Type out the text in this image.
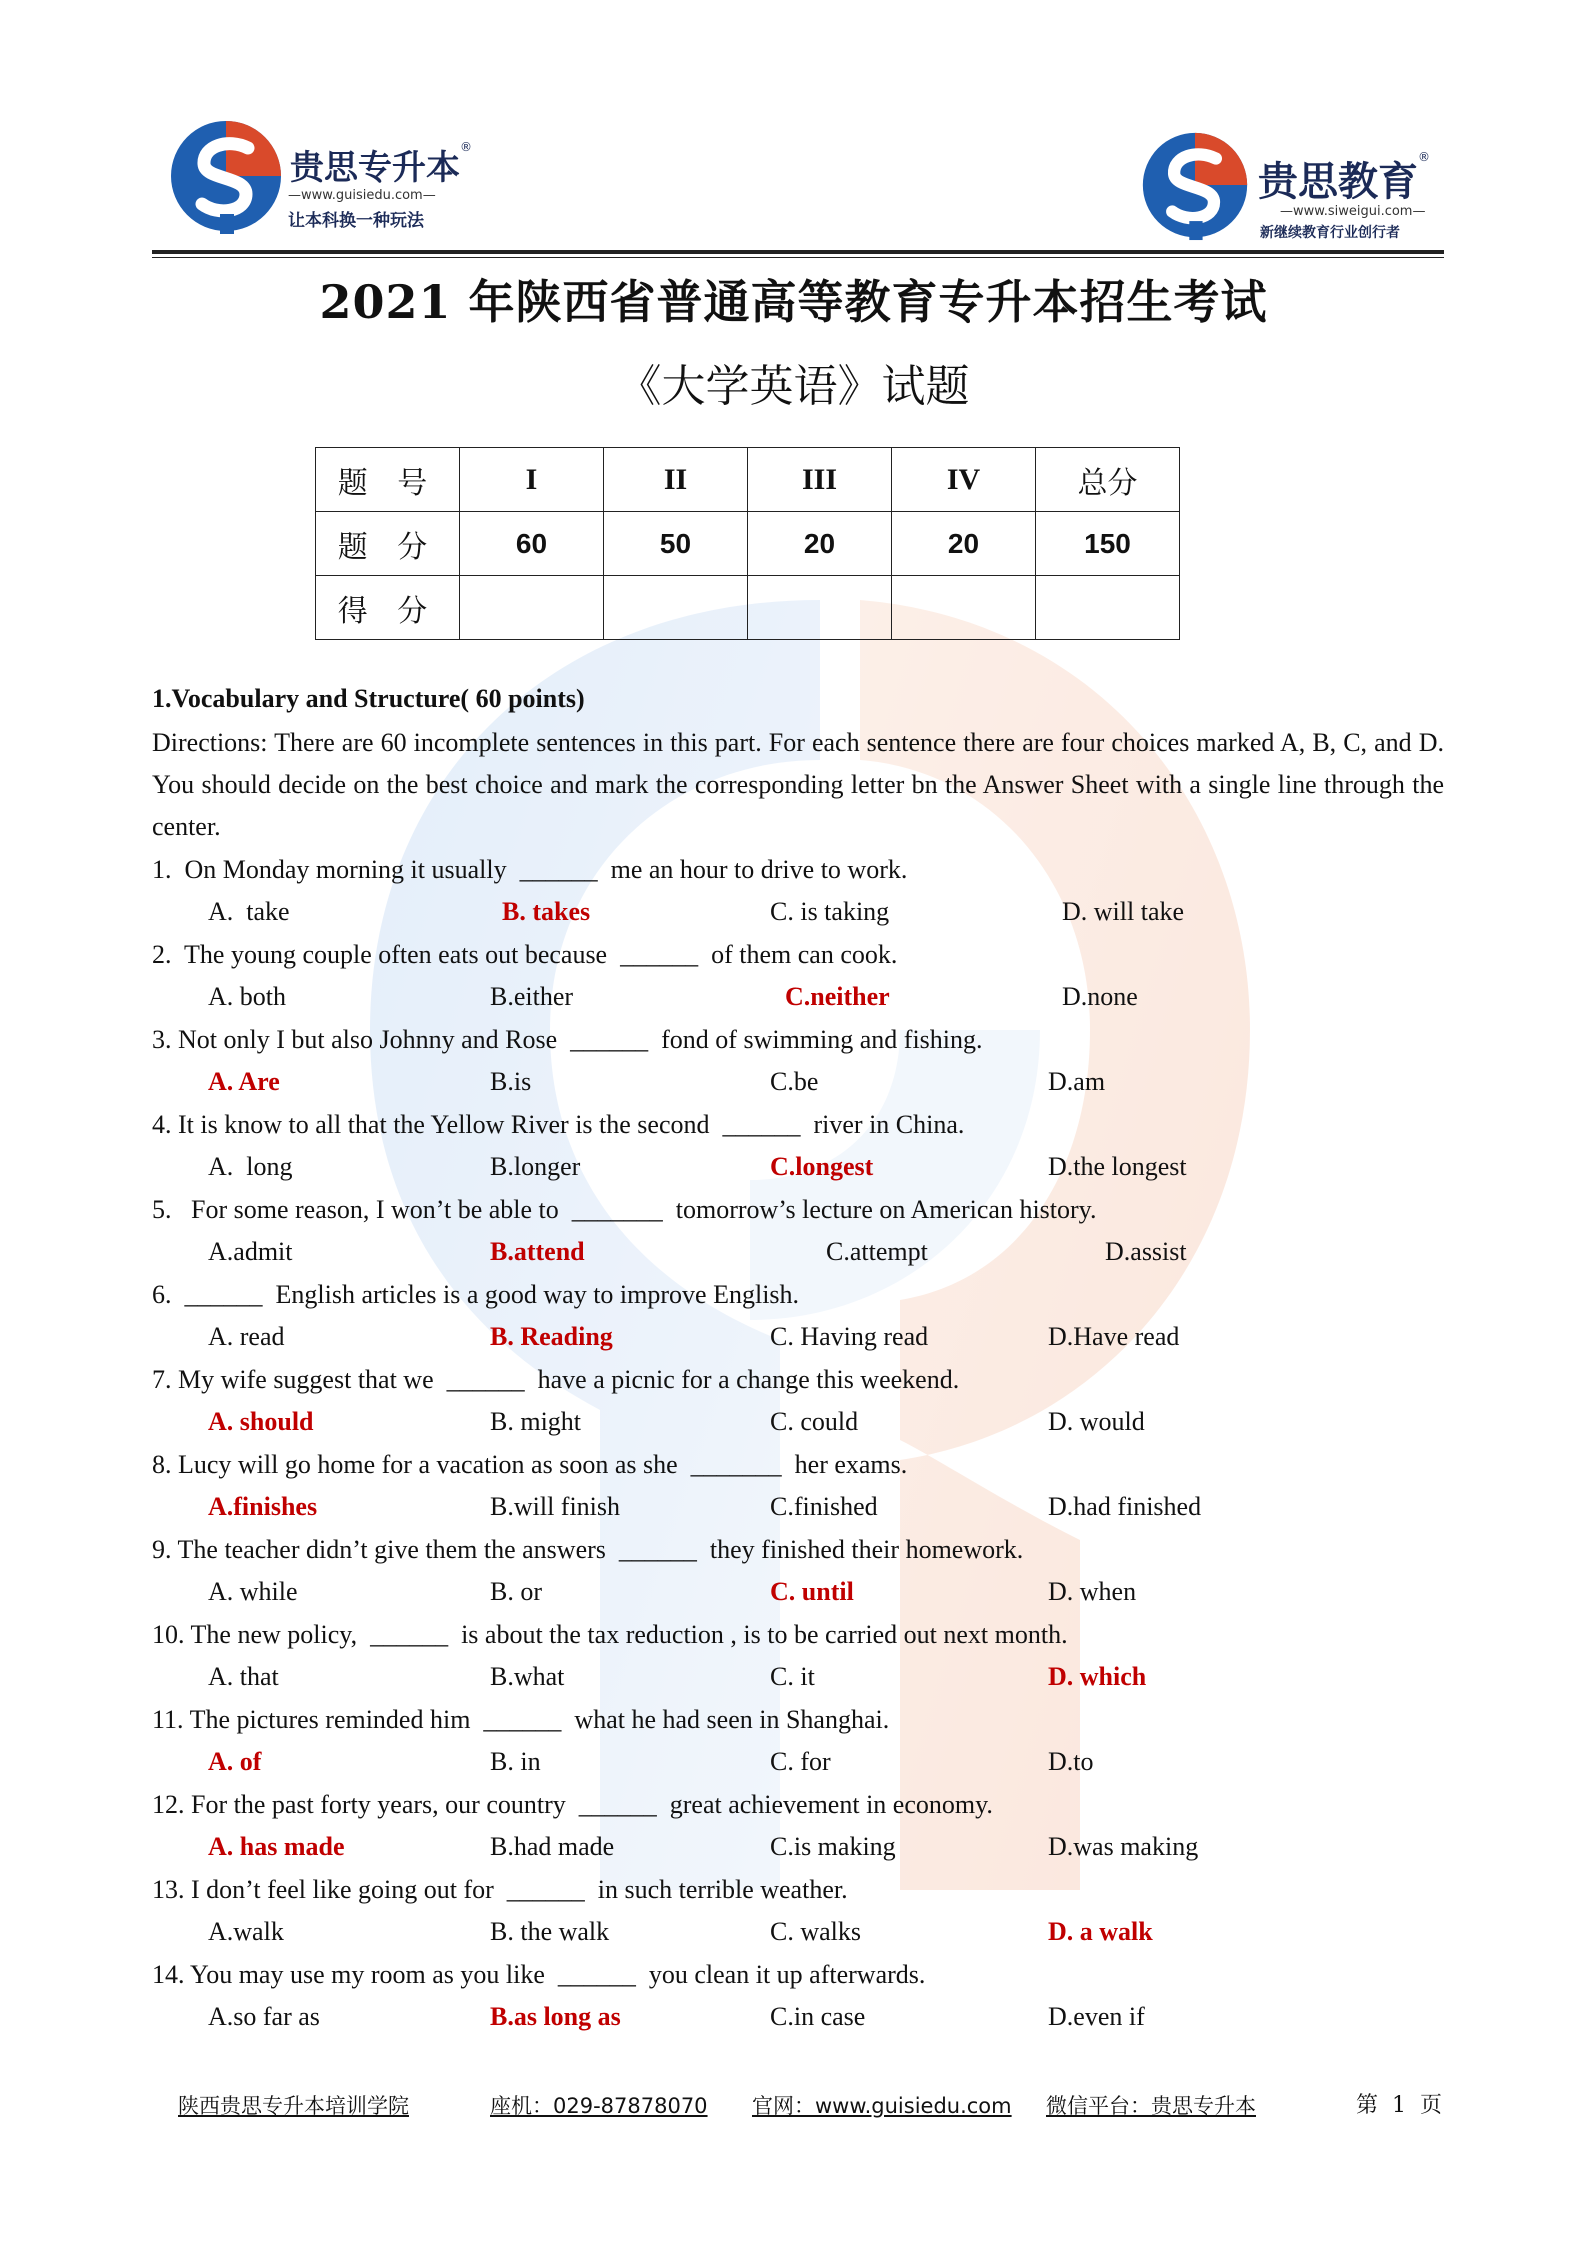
贵思专升本®
—www.guisiedu.com—
让本科换一种玩法
贵思教育®
—www.siweigui.com—
新继续教育行业创行者
2021 年陕西省普通高等教育专升本招生考试
《大学英语》试题
题 号	I	II	III	IV	总分
题 分	60	50	20	20	150
得 分					
1.Vocabulary and Structure( 60 points)
Directions: There are 60 incomplete sentences in this part. For each sentence there are four choices marked A, B, C, and D. You should decide on the best choice and mark the corresponding letter bn the Answer Sheet with a single line through the center.
1.  On Monday morning it usually  ______  me an hour to drive to work.
A.  take	B. takes	C. is taking	D. will take
2.  The young couple often eats out because  ______  of them can cook.
A. both	B.either	C.neither	D.none
3. Not only I but also Johnny and Rose  ______  fond of swimming and fishing.
A. Are	B.is	C.be	D.am
4. It is know to all that the Yellow River is the second  ______  river in China.
A.  long	B.longer	C.longest	D.the longest
5.   For some reason, I won’t be able to  _______  tomorrow’s lecture on American history.
A.admit	B.attend	C.attempt	D.assist
6.  ______  English articles is a good way to improve English.
A. read	B. Reading	C. Having read	D.Have read
7. My wife suggest that we  ______  have a picnic for a change this weekend.
A. should	B. might	C. could	D. would
8. Lucy will go home for a vacation as soon as she  _______  her exams.
A.finishes	B.will finish	C.finished	D.had finished
9. The teacher didn’t give them the answers  ______  they finished their homework.
A. while	B. or	C. until	D. when
10. The new policy,  ______  is about the tax reduction , is to be carried out next month.
A. that	B.what	C. it	D. which
11. The pictures reminded him  ______  what he had seen in Shanghai.
A. of	B. in	C. for	D.to
12. For the past forty years, our country  ______  great achievement in economy.
A. has made	B.had made	C.is making	D.was making
13. I don’t feel like going out for  ______  in such terrible weather.
A.walk	B. the walk	C. walks	D. a walk
14. You may use my room as you like  ______  you clean it up afterwards.
A.so far as	B.as long as	C.in case	D.even if
陕西贵思专升本培训学院	座机：029-87878070 官网：www.guisiedu.com 微信平台：贵思专升本	第  1  页
